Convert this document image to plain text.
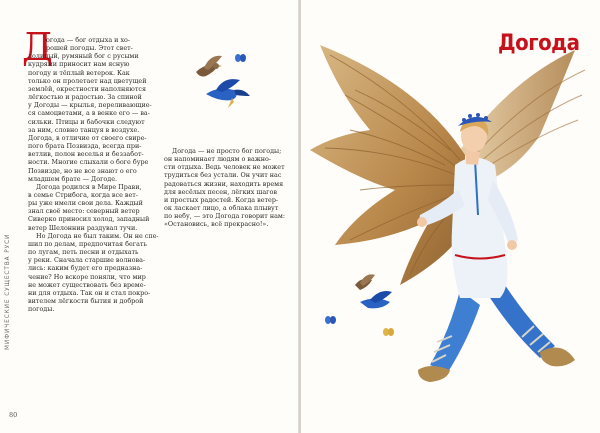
МИФИЧЕСКИЕ СУЩЕСТВА РУСИ
Д

огода — бог отдыха и хо-

рошей погоды. Этот свет-

лолицый, румяный бог с русыми

кудрями приносит нам ясную

погоду и тёплый ветерок. Как

только он пролетает над цветущей

землёй, окрестности наполняются

лёгкостью и радостью. За спиной

у Догоды — крылья, переливающие-

ся самоцветами, а в венке его — ва-

сильки. Птицы и бабочки следуют

за ним, словно танцуя в воздухе.

Догода, в отличие от своего свире-

пого брата Позвизда, всегда при-

ветлив, полон веселья и беззабот-

ности. Многие слыхали о боге буре

Позвизде, но не все знают о его

младшем брате — Догоде.

Догода родился в Мире Прави,

в семье Стрибога, когда все вет-

ры уже имели свои дела. Каждый

знал своё место: северный ветер

Сиверко приносил холод, западный

ветер Шелоннин раздувал тучи.

Но Догода не был таким. Он не спе-

шил по делам, предпочитая бегать

по лугам, петь песни и отдыхать

у реки. Сначала старшие волнова-

лись: каким будет его предназна-

чение? Но вскоре поняли, что мир

не может существовать без време-

ни для отдыха. Так он и стал покро-

вителем лёгкости бытия и доброй

погоды.

Догода — не просто бог погоды;

он напоминает людям о важно-

сти отдыха. Ведь человек не может

трудиться без устали. Он учит нас

радоваться жизни, находить время

для весёлых песен, лёгких шагов

и простых радостей. Когда ветер-

ок ласкает лицо, а облака плывут

по небу, — это Догода говорит нам:

«Остановись, всё прекрасно!».

80
Догода
